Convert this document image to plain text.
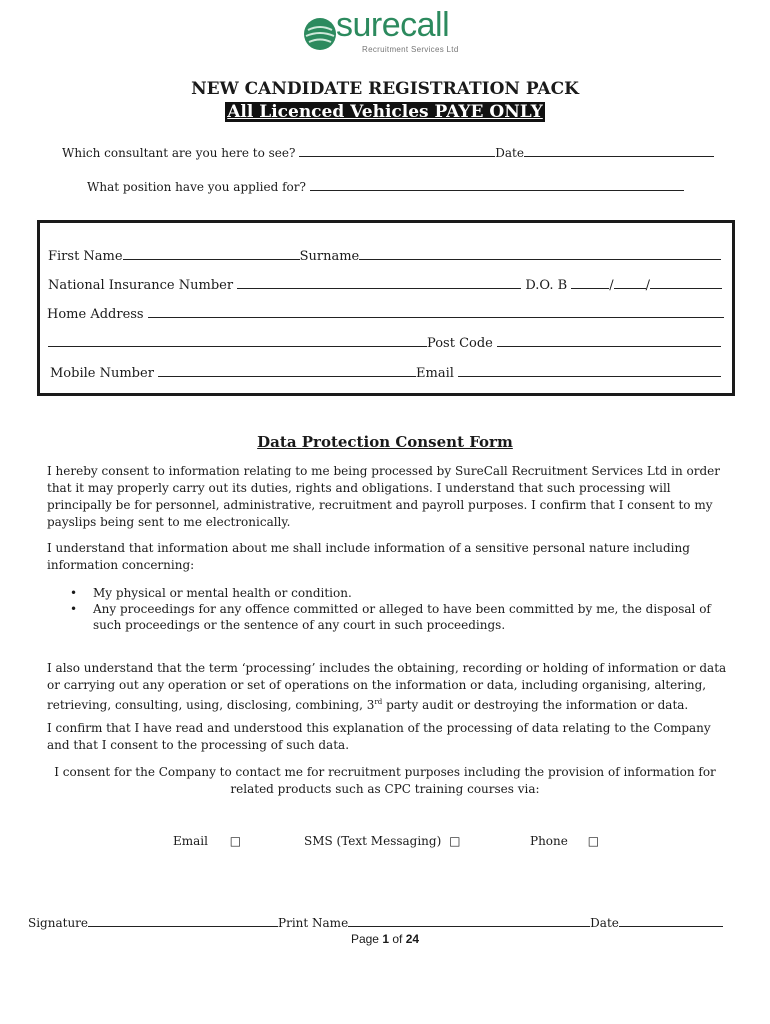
surecall
Recruitment Services Ltd
NEW CANDIDATE REGISTRATION PACK
All Licenced Vehicles PAYE ONLY
Which consultant are you here to see?	Date
What position have you applied for?
First Name	Surname
National Insurance Number	D.O. B	/ /
Home Address
Post Code
Mobile Number	Email
Data Protection Consent Form
I hereby consent to information relating to me being processed by SureCall Recruitment Services Ltd in order that it may properly carry out its duties, rights and obligations. I understand that such processing will principally be for personnel, administrative, recruitment and payroll purposes. I confirm that I consent to my payslips being sent to me electronically.
I understand that information about me shall include information of a sensitive personal nature including information concerning:
• My physical or mental health or condition.
• Any proceedings for any offence committed or alleged to have been committed by me, the disposal of such proceedings or the sentence of any court in such proceedings.
I also understand that the term ‘processing’ includes the obtaining, recording or holding of information or data or carrying out any operation or set of operations on the information or data, including organising, altering, retrieving, consulting, using, disclosing, combining, 3rd party audit or destroying the information or data.
I confirm that I have read and understood this explanation of the processing of data relating to the Company and that I consent to the processing of such data.
I consent for the Company to contact me for recruitment purposes including the provision of information for
related products such as CPC training courses via:
Email □	SMS (Text Messaging) □	Phone □
Signature	Print Name	Date
Page 1 of 24
